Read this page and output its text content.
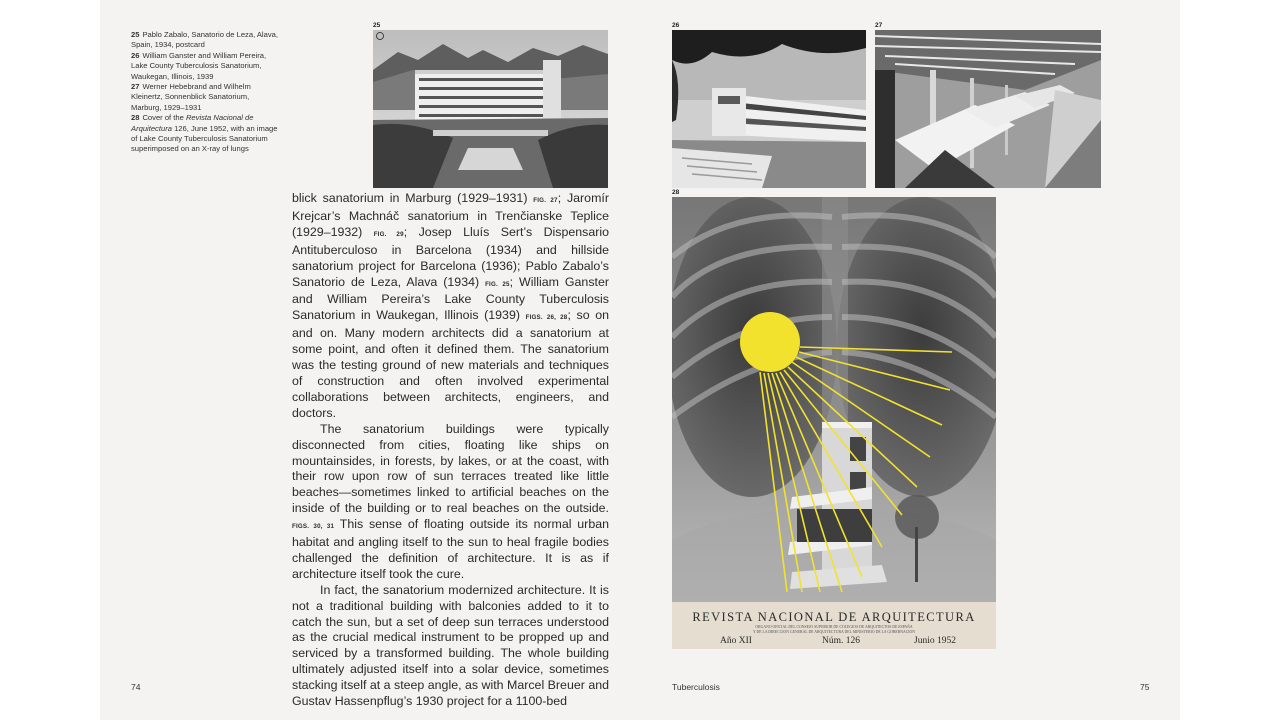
25 Pablo Zabalo, Sanatorio de Leza, Alava, Spain, 1934, postcard
26 William Ganster and William Pereira, Lake County Tuberculosis Sanatorium, Waukegan, Illinois, 1939
27 Werner Hebebrand and Wilhelm Kleinertz, Sonnenblick Sanatorium, Marburg, 1929–1931
28 Cover of the Revista Nacional de Arquitectura 126, June 1952, with an image of Lake County Tuberculosis Sanatorium superimposed on an X-ray of lungs
25	26	27
28
REVISTA NACIONAL DE ARQUITECTURA
ORGANO OFICIAL DEL CONSEJO SUPERIOR DE COLEGIOS DE ARQUITECTOS DE ESPAÑA
Y DE LA DIRECCION GENERAL DE ARQUITECTURA DEL MINISTERIO DE LA GOBERNACION
Año XII	Núm. 126	Junio 1952

blick sanatorium in Marburg (1929–1931) FIG. 27; Jaromír Krejcar’s Machnáč sanatorium in Trenčianske Teplice (1929–1932) FIG. 29; Josep Lluís Sert’s Dispensario Antituberculoso in Barcelona (1934) and hillside sanatorium project for Barcelona (1936); Pablo Zabalo’s Sanatorio de Leza, Alava (1934) FIG. 25; William Ganster and William Pereira’s Lake County Tuberculosis Sanatorium in Waukegan, Illinois (1939) FIGS. 26, 28; so on and on. Many modern architects did a sanatorium at some point, and often it defined them. The sanatorium was the testing ground of new materials and techniques of construction and often involved experimental collaborations between architects, engineers, and doctors.

The sanatorium buildings were typically disconnected from cities, floating like ships on mountainsides, in forests, by lakes, or at the coast, with their row upon row of sun terraces treated like little beaches—sometimes linked to artificial beaches on the inside of the building or to real beaches on the outside. FIGS. 30, 31 This sense of floating outside its normal urban habitat and angling itself to the sun to heal fragile bodies challenged the definition of architecture. It is as if architecture itself took the cure.

In fact, the sanatorium modernized architecture. It is not a traditional building with balconies added to it to catch the sun, but a set of deep sun terraces understood as the crucial medical instrument to be propped up and serviced by a transformed building. The whole building ultimately adjusted itself into a solar device, sometimes stacking itself at a steep angle, as with Marcel Breuer and Gustav Hassenpflug’s 1930 project for a 1100-bed

74	Tuberculosis	75
